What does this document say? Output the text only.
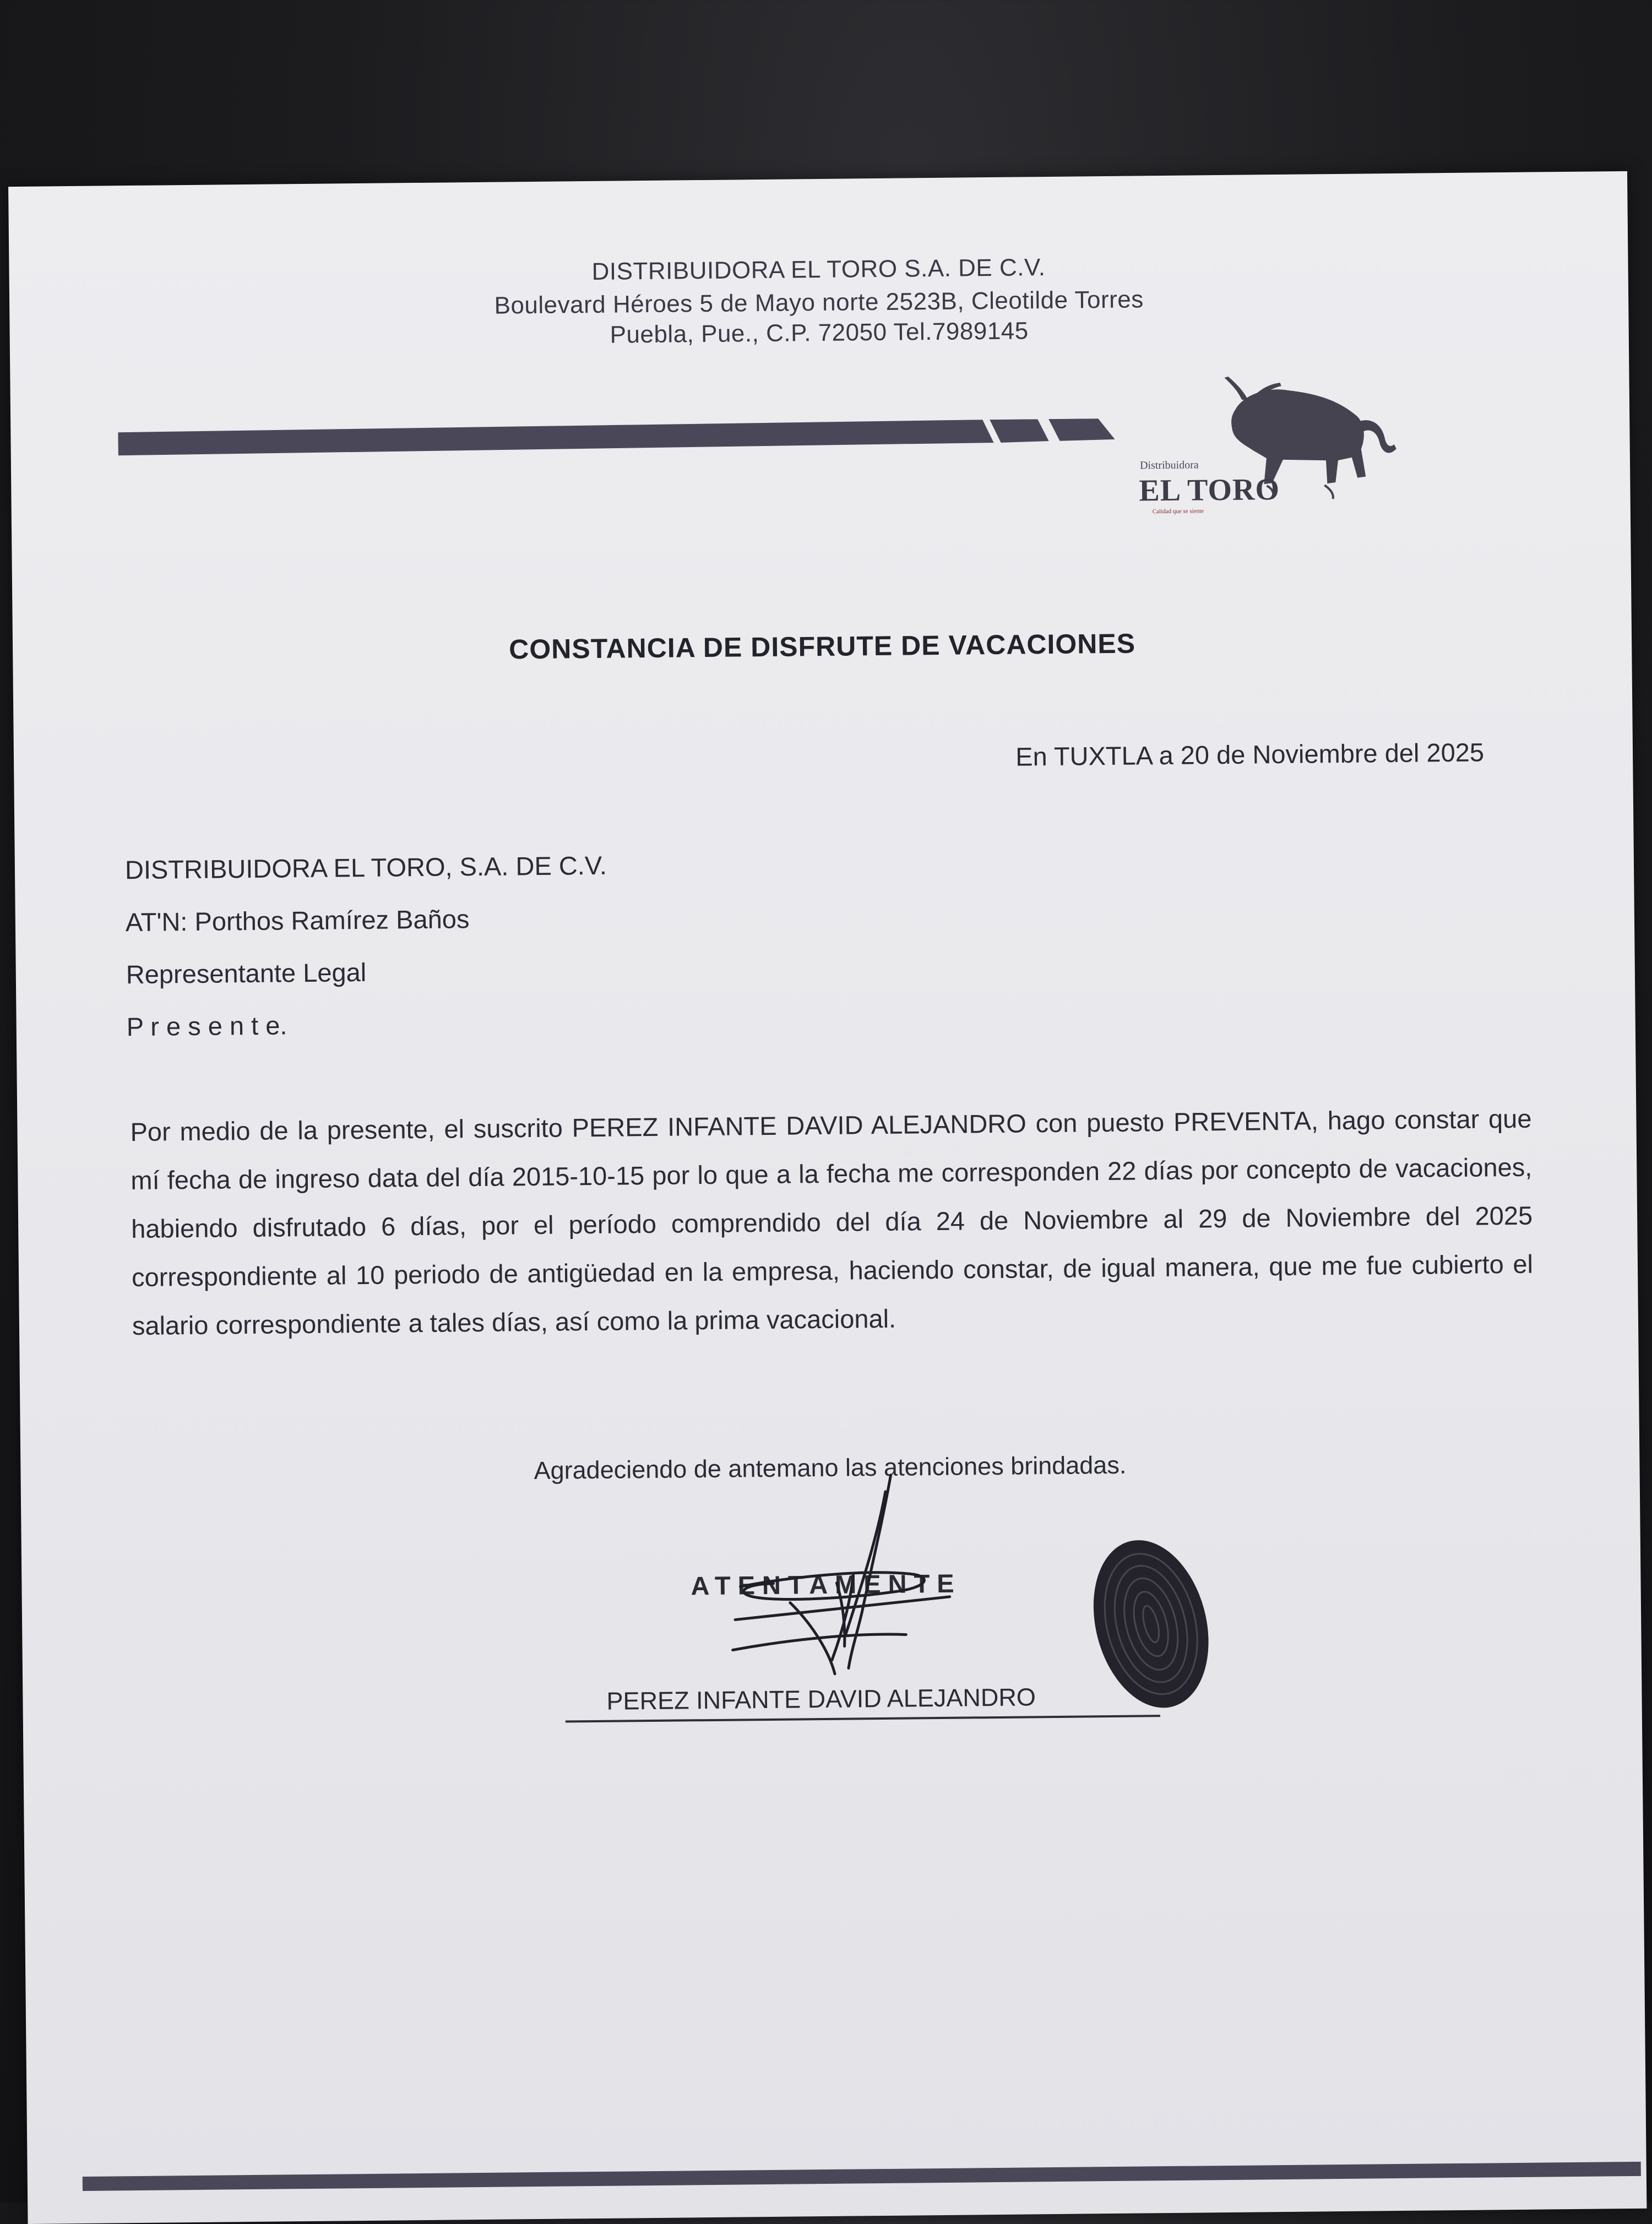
DISTRIBUIDORA EL TORO S.A. DE C.V.
Boulevard Héroes 5 de Mayo norte 2523B, Cleotilde Torres
Puebla, Pue., C.P. 72050 Tel.7989145
Distribuidora
EL TORO
Calidad que se siente
CONSTANCIA DE DISFRUTE DE VACACIONES
En TUXTLA a 20 de Noviembre del 2025
DISTRIBUIDORA EL TORO, S.A. DE C.V.
AT'N: Porthos Ramírez Baños
Representante Legal
P r e s e n t e.
Por medio de la presente, el suscrito PEREZ INFANTE DAVID ALEJANDRO con puesto PREVENTA, hago constar que mí fecha de ingreso data del día 2015-10-15 por lo que a la fecha me corresponden 22 días por concepto de vacaciones, habiendo disfrutado 6 días, por el período comprendido del día 24 de Noviembre al 29 de Noviembre del 2025 correspondiente al 10 periodo de antigüedad en la empresa, haciendo constar, de igual manera, que me fue cubierto el salario correspondiente a tales días, así como la prima vacacional.
Agradeciendo de antemano las atenciones brindadas.
ATENTAMENTE
PEREZ INFANTE DAVID ALEJANDRO
